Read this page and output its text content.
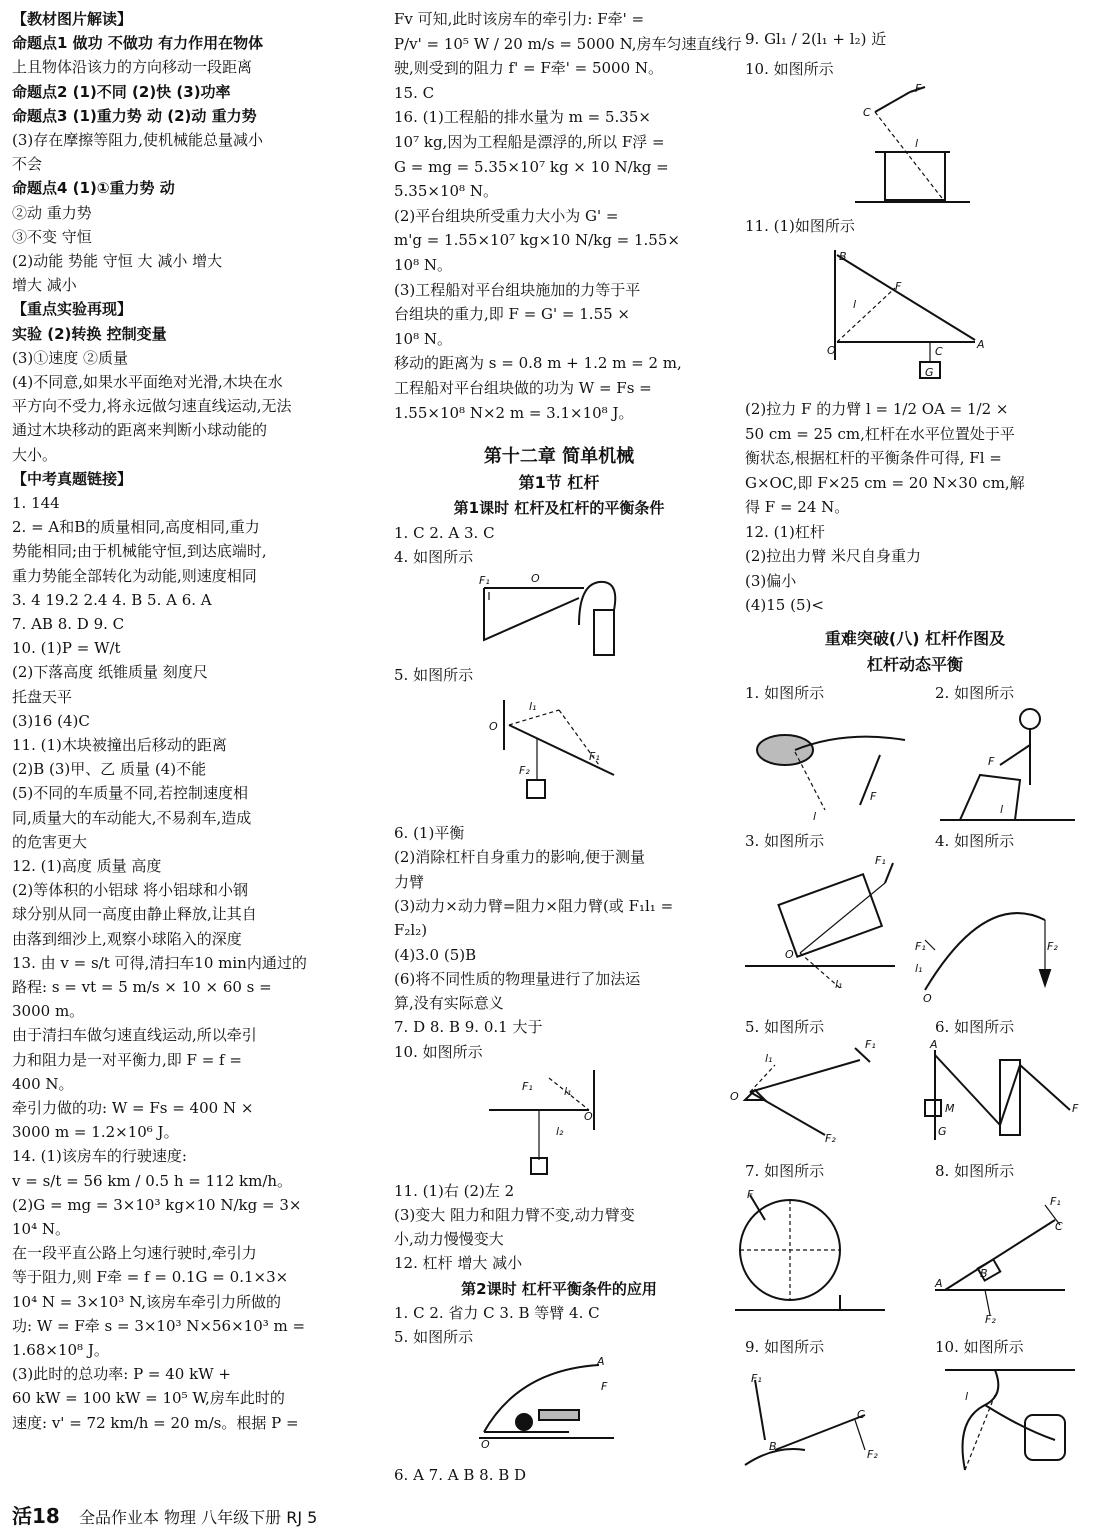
【教材图片解读】
命题点1 做功 不做功 有力作用在物体
上且物体沿该力的方向移动一段距离
命题点2 (1)不同 (2)快 (3)功率
命题点3 (1)重力势 动 (2)动 重力势
(3)存在摩擦等阻力,使机械能总量减小
不会
命题点4 (1)①重力势 动
②动 重力势
③不变 守恒
(2)动能 势能 守恒 大 减小 增大
增大 减小
【重点实验再现】
实验 (2)转换 控制变量
(3)①速度 ②质量
(4)不同意,如果水平面绝对光滑,木块在水
平方向不受力,将永远做匀速直线运动,无法
通过木块移动的距离来判断小球动能的
大小。
【中考真题链接】
1. 144
2. = A和B的质量相同,高度相同,重力
势能相同;由于机械能守恒,到达底端时,
重力势能全部转化为动能,则速度相同
3. 4 19.2 2.4 4. B 5. A 6. A
7. AB 8. D 9. C
10. (1)P = W/t
(2)下落高度 纸锥质量 刻度尺
托盘天平
(3)16 (4)C
11. (1)木块被撞出后移动的距离
(2)B (3)甲、乙 质量 (4)不能
(5)不同的车质量不同,若控制速度相
同,质量大的车动能大,不易刹车,造成
的危害更大
12. (1)高度 质量 高度
(2)等体积的小铝球 将小铝球和小钢
球分别从同一高度由静止释放,让其自
由落到细沙上,观察小球陷入的深度
13. 由 v = s/t 可得,清扫车10 min内通过的
路程: s = vt = 5 m/s × 10 × 60 s =
3000 m。
由于清扫车做匀速直线运动,所以牵引
力和阻力是一对平衡力,即 F = f =
400 N。
牵引力做的功: W = Fs = 400 N ×
3000 m = 1.2×10⁶ J。
14. (1)该房车的行驶速度:
v = s/t = 56 km / 0.5 h = 112 km/h。
(2)G = mg = 3×10³ kg×10 N/kg = 3×
10⁴ N。
在一段平直公路上匀速行驶时,牵引力
等于阻力,则 F牵 = f = 0.1G = 0.1×3×
10⁴ N = 3×10³ N,该房车牵引力所做的
功: W = F牵 s = 3×10³ N×56×10³ m =
1.68×10⁸ J。
(3)此时的总功率: P = 40 kW +
60 kW = 100 kW = 10⁵ W,房车此时的
速度: v' = 72 km/h = 20 m/s。根据 P =
Fv 可知,此时该房车的牵引力: F牵' =
P/v' = 10⁵ W / 20 m/s = 5000 N,房车匀速直线行
驶,则受到的阻力 f' = F牵' = 5000 N。
15. C
16. (1)工程船的排水量为 m = 5.35×
10⁷ kg,因为工程船是漂浮的,所以 F浮 =
G = mg = 5.35×10⁷ kg × 10 N/kg =
5.35×10⁸ N。
(2)平台组块所受重力大小为 G' =
m'g = 1.55×10⁷ kg×10 N/kg = 1.55×
10⁸ N。
(3)工程船对平台组块施加的力等于平
台组块的重力,即 F = G' = 1.55 ×
10⁸ N。
移动的距离为 s = 0.8 m + 1.2 m = 2 m,
工程船对平台组块做的功为 W = Fs =
1.55×10⁸ N×2 m = 3.1×10⁸ J。
第十二章 简单机械
第1节 杠杆
第1课时 杠杆及杠杆的平衡条件
1. C 2. A 3. C
4. 如图所示
5. 如图所示
6. (1)平衡
(2)消除杠杆自身重力的影响,便于测量
力臂
(3)动力×动力臂=阻力×阻力臂(或 F₁l₁ =
F₂l₂)
(4)3.0 (5)B
(6)将不同性质的物理量进行了加法运
算,没有实际意义
7. D 8. B 9. 0.1 大于
10. 如图所示
11. (1)右 (2)左 2
(3)变大 阻力和阻力臂不变,动力臂变
小,动力慢慢变大
12. 杠杆 增大 减小
第2课时 杠杆平衡条件的应用
1. C 2. 省力 C 3. B 等臂 4. C
5. 如图所示
6. A 7. A B 8. B D
F₁	O
O
l₁
F₁
F₂
F₁
O
l₁
l₂
A
F
O
9. Gl₁ / 2(l₁ + l₂) 近
10. 如图所示
C
F
l
11. (1)如图所示
B
F
O	C
A
G
l
(2)拉力 F 的力臂 l = 1/2 OA = 1/2 ×
50 cm = 25 cm,杠杆在水平位置处于平
衡状态,根据杠杆的平衡条件可得, Fl =
G×OC,即 F×25 cm = 20 N×30 cm,解
得 F = 24 N。
12. (1)杠杆
(2)拉出力臂 米尺自身重力
(3)偏小
(4)15 (5)<
重难突破(八) 杠杆作图及
杠杆动态平衡
1. 如图所示	2. 如图所示
l
F
F
l
3. 如图所示	4. 如图所示
F₁
O
l₁
F₁
l₁
O
F₂
5. 如图所示	6. 如图所示
O
l₁
F₁
F₂
A
M
G
F
7. 如图所示	8. 如图所示
F
F₁
C
B
A
F₂
9. 如图所示	10. 如图所示
F₁
B
C
F₂
l
活18 全品作业本 物理 八年级下册 RJ 5
